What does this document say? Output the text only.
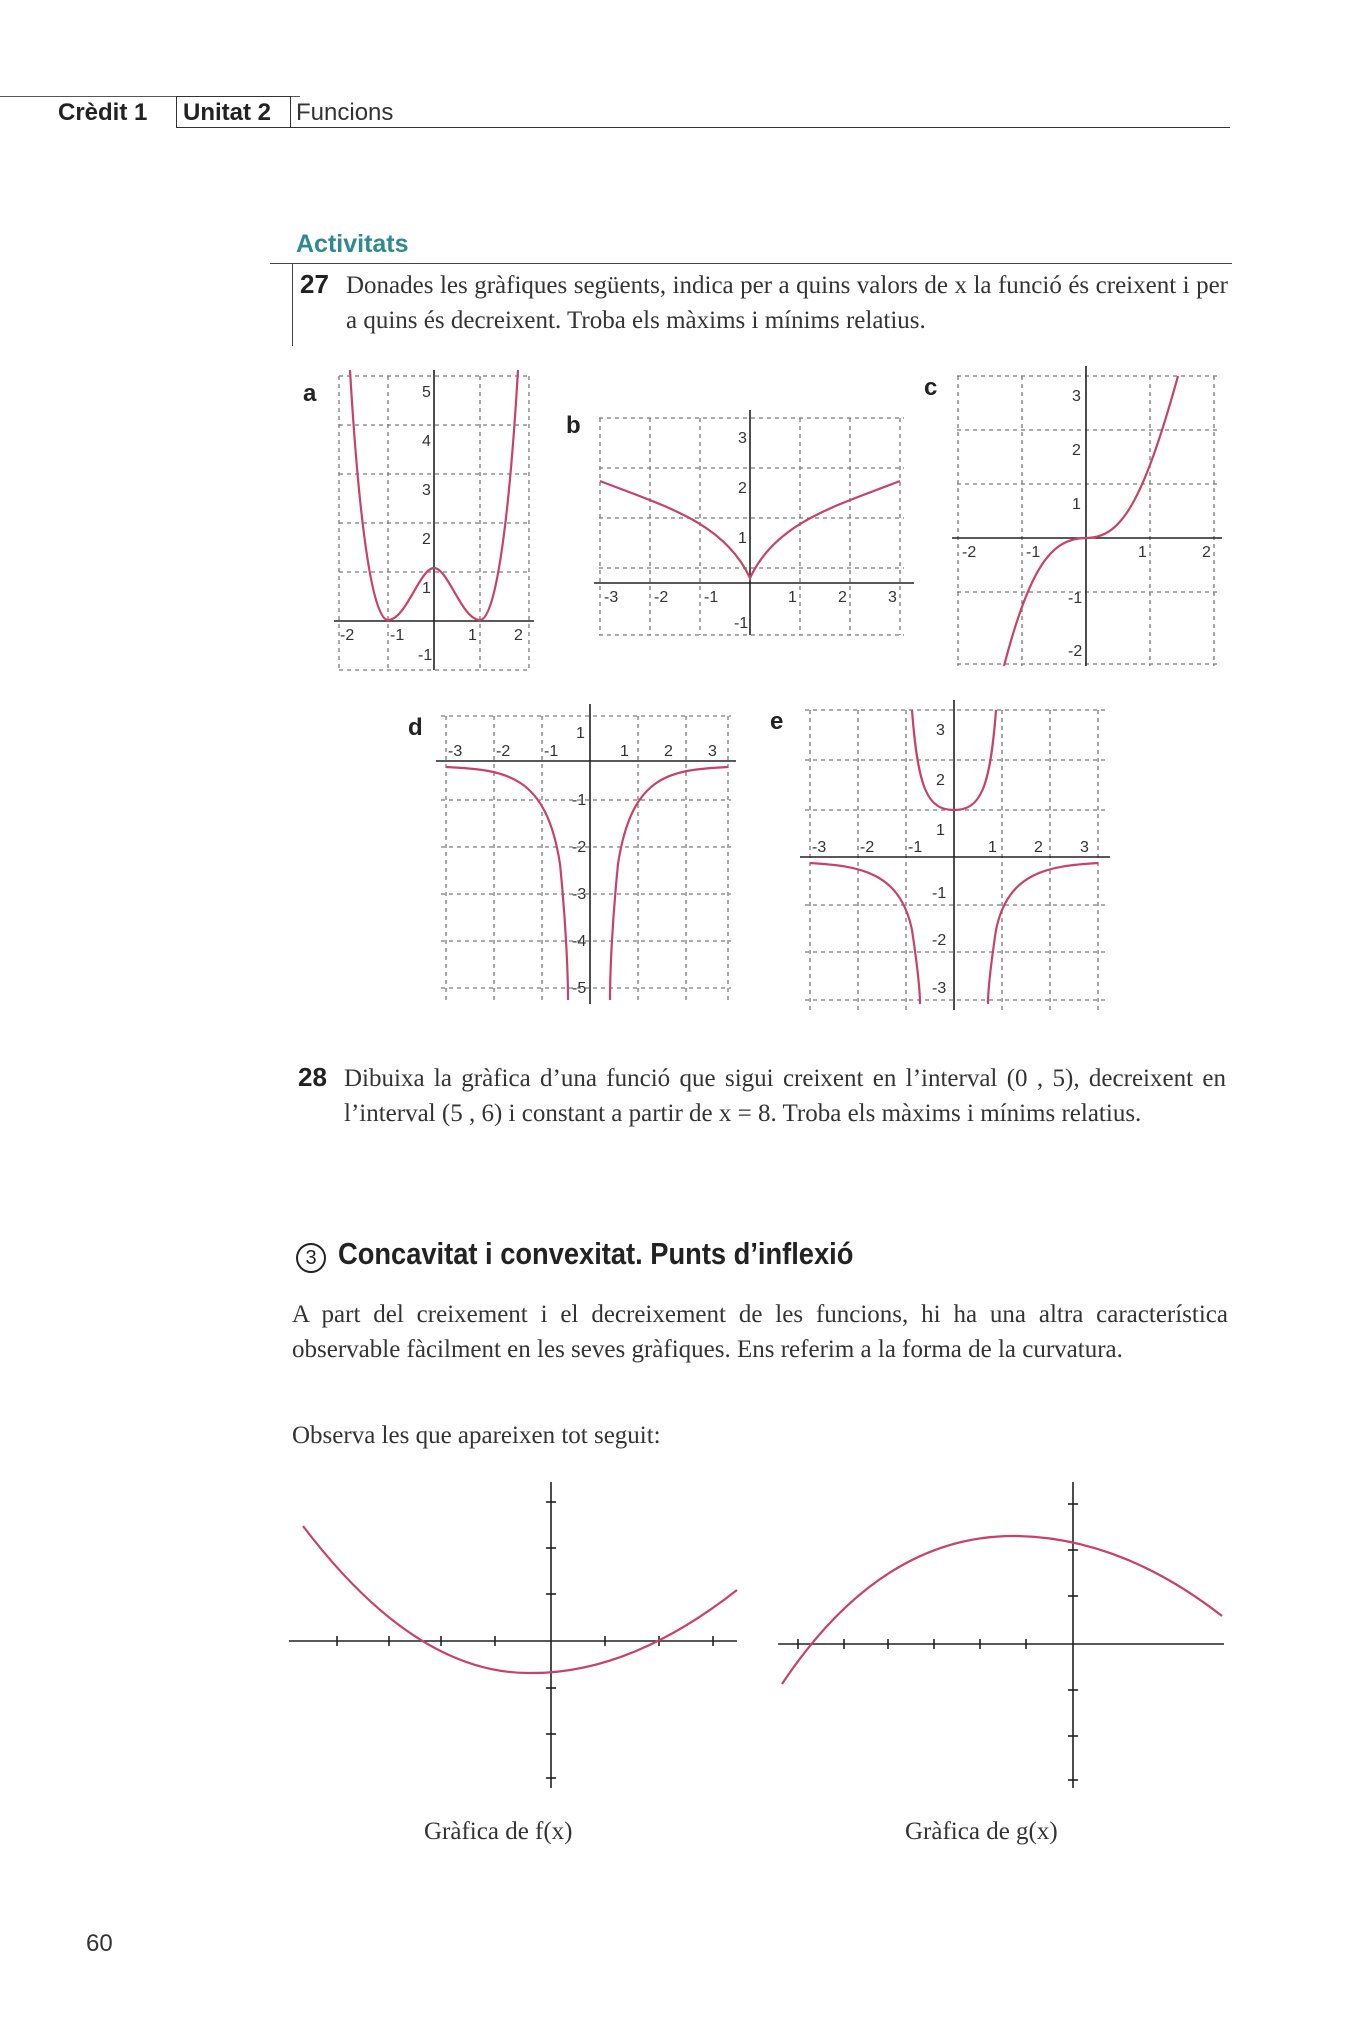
Crèdit 1 Unitat 2 Funcions
Activitats
27 Donades les gràfiques següents, indica per a quins valors de x la funció és creixent i per a quins és decreixent. Troba els màxims i mínims relatius.
a
b
c
d	e
5
4
3
2
1
-1
-2 -1	1 2
3
2
1
-1
-3 -2 -1	1	2	3
3
2
1
-1
-2
-2	-1	1	2
1
-1
-2
-3
-4
-5
-3 -2 -1	1 2 3
3
2
1
-1
-2
-3
-3 -2 -1	1 2 3
28 Dibuixa la gràfica d’una funció que sigui creixent en l’interval (0 , 5), decreixent en l’interval (5 , 6) i constant a partir de x = 8. Troba els màxims i mínims relatius.
3 Concavitat i convexitat. Punts d’inflexió
A part del creixement i el decreixement de les funcions, hi ha una altra característica observable fàcilment en les seves gràfiques. Ens referim a la forma de la curvatura.
Observa les que apareixen tot seguit:
Gràfica de f(x)	Gràfica de g(x)
60
